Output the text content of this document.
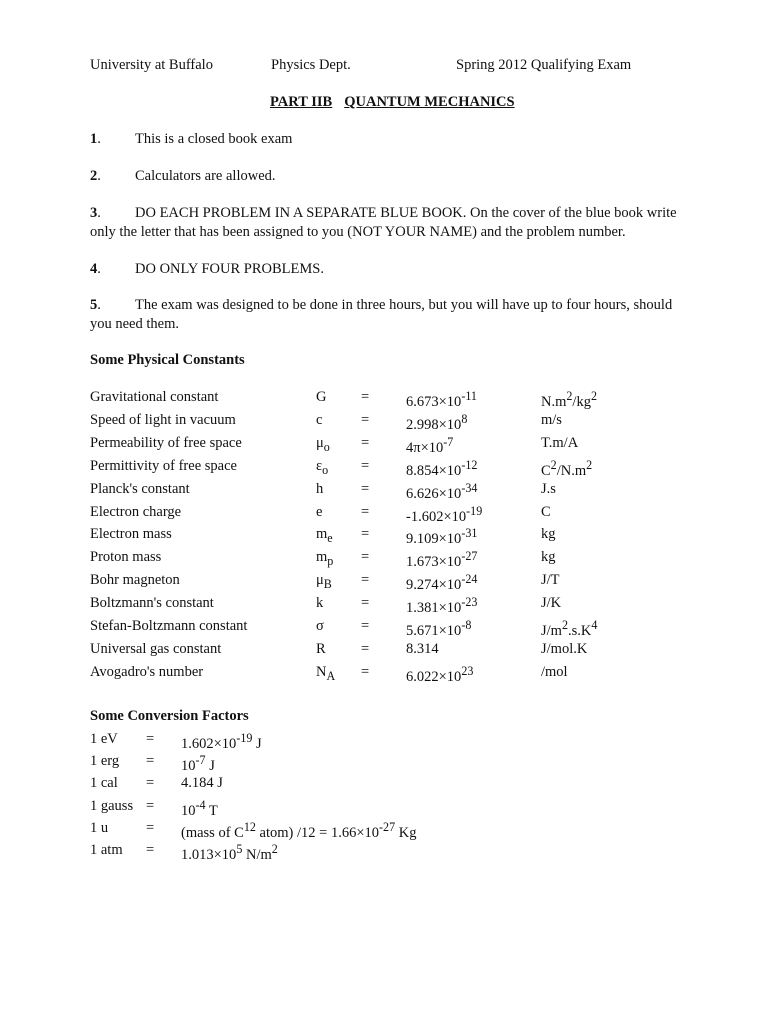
University at Buffalo	Physics Dept.	Spring 2012 Qualifying Exam
PART IIB QUANTUM MECHANICS
1. This is a closed book exam
2. Calculators are allowed.
3. DO EACH PROBLEM IN A SEPARATE BLUE BOOK. On the cover of the blue book write
only the letter that has been assigned to you (NOT YOUR NAME) and the problem number.
4. DO ONLY FOUR PROBLEMS.
5. The exam was designed to be done in three hours, but you will have up to four hours, should
you need them.
Some Physical Constants
Gravitational constant	G =	$6.673\times 10^{-11}$	$N.m^2/kg^2$
Speed of light in vacuum	c	=	$2.998\times 10^8$	m/s
Permeability of free space	$\mu_o$ =	$4\pi\times 10^{-7}$	T.m/A
Permittivity of free space	$\varepsilon_o$ =	$8.854\times 10^{-12}$	$C^2/N.m^2$
Planck's constant	h	=	$6.626\times 10^{-34}$	J.s
Electron charge	e	=	$-1.602\times 10^{-19}$	C
Electron mass	$m_e$ =	$9.109\times 10^{-31}$	kg
Proton mass	$m_p$ =	$1.673\times 10^{-27}$	kg
Bohr magneton	$\mu_B$ =	$9.274\times 10^{-24}$	J/T
Boltzmann's constant	k	=	$1.381\times 10^{-23}$	J/K
Stefan-Boltzmann constant	σ	=	$5.671\times 10^{-8}$	$J/m^2.s.K^4$
Universal gas constant	R =	8.314	J/mol.K
Avogadro's number	$N_A$ =	$6.022\times 10^{23}$	/mol
Some Conversion Factors
1 eV = $1.602\times 10^{-19}$ J
1 erg = $10^{-7}$ J
1 cal = 4.184 J
1 gauss = $10^{-4}$ T
1 u	= (mass of $C^{12}$ atom) $/12 = 1.66\times 10^{-27}$ Kg
1 atm = $1.013\times 10^5$ $N/m^2$
